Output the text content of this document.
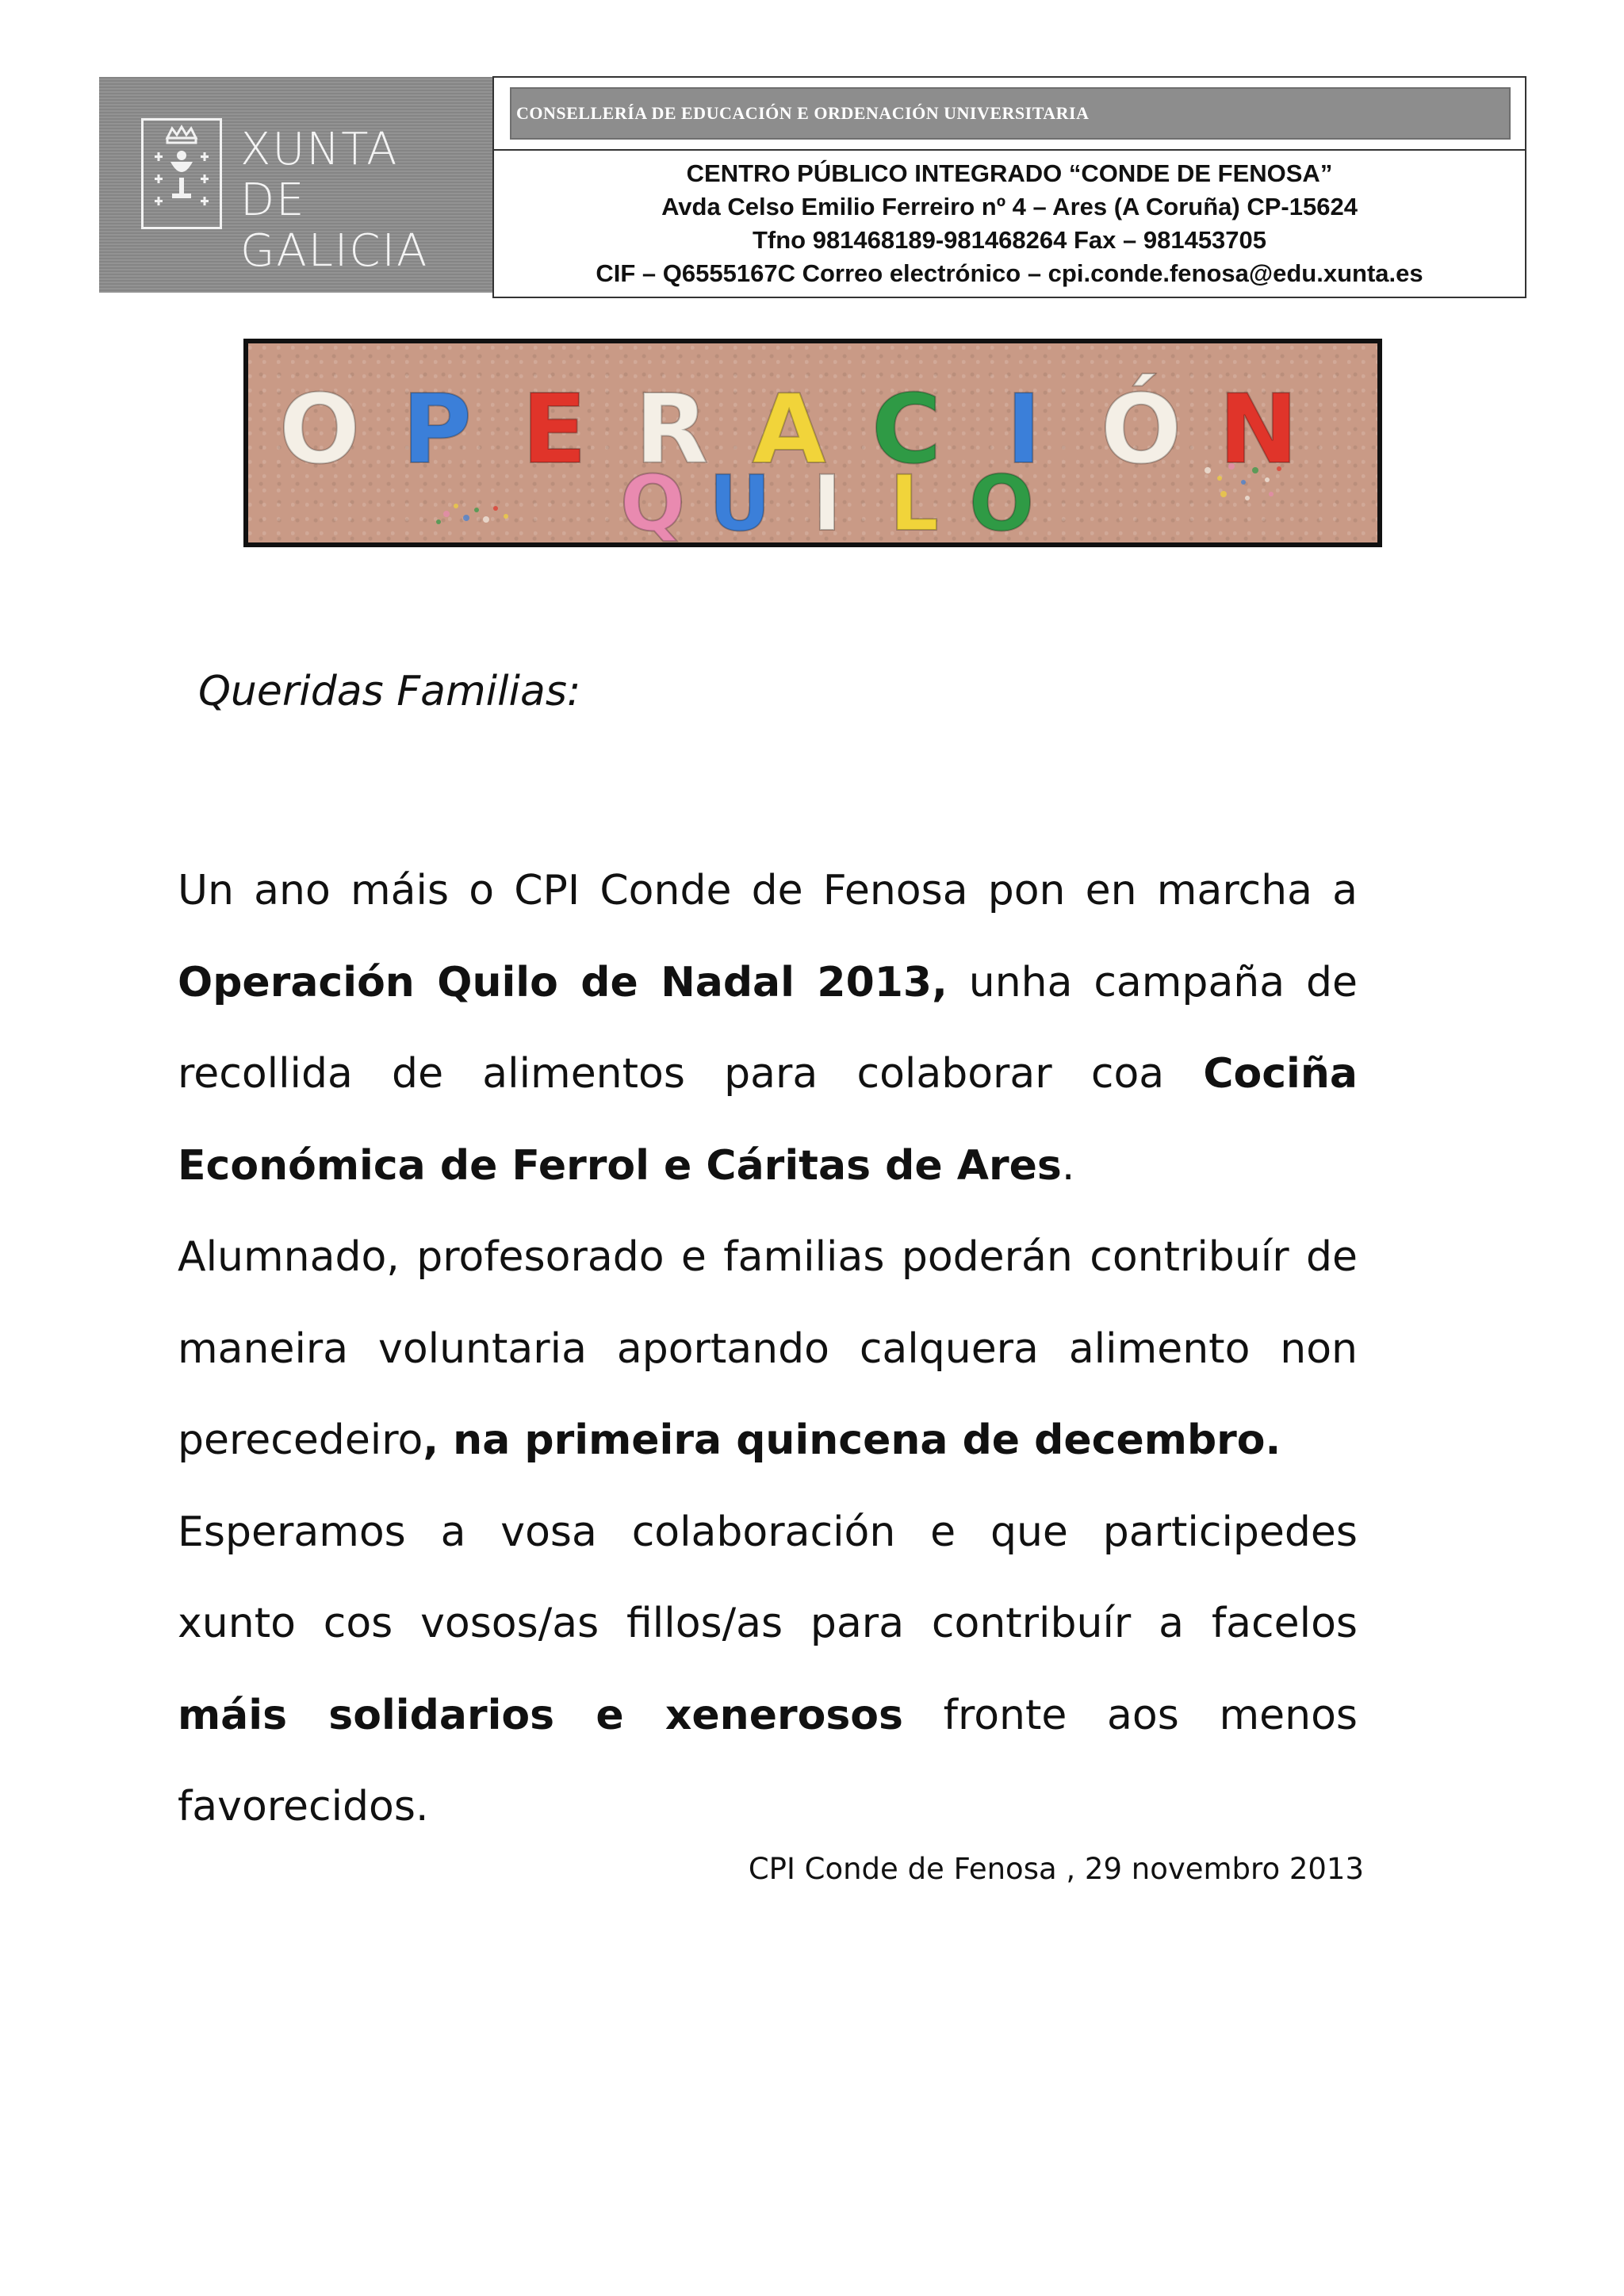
XUNTA
DE GALICIA
CONSELLERÍA DE EDUCACIÓN E ORDENACIÓN UNIVERSITARIA
CENTRO PÚBLICO INTEGRADO “CONDE DE FENOSA”
Avda Celso Emilio Ferreiro nº 4 – Ares (A Coruña) CP-15624
Tfno 981468189-981468264 Fax – 981453705
CIF – Q6555167C Correo electrónico – cpi.conde.fenosa@edu.xunta.es
O P E R A C I Ó N
Q U I L O
Queridas Familias:
Un ano máis o CPI Conde de Fenosa pon en marcha a Operación Quilo de Nadal 2013, unha campaña de recollida de alimentos para colaborar coa Cociña Económica de Ferrol e Cáritas de Ares.
Alumnado, profesorado e familias poderán contribuír de maneira voluntaria aportando calquera alimento non perecedeiro, na primeira quincena de decembro.
Esperamos a vosa colaboración e que participedes xunto cos vosos/as fillos/as para contribuír a facelos máis solidarios e xenerosos fronte aos menos favorecidos.
CPI Conde de Fenosa , 29 novembro 2013
